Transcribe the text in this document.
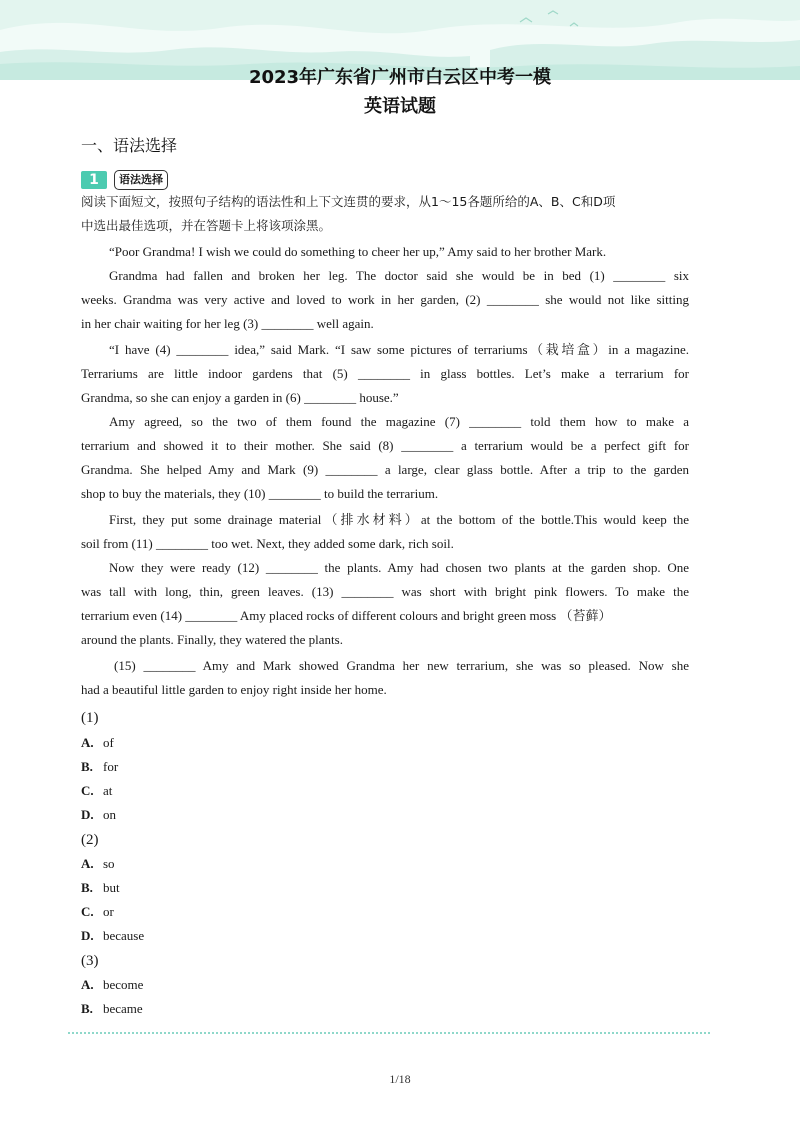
2023年广东省广州市白云区中考一模
英语试题
一、语法选择
1	语法选择
阅读下面短文，按照句子结构的语法性和上下文连贯的要求，从1～15各题所给的A、B、C和D项
中选出最佳选项，并在答题卡上将该项涂黑。
“Poor Grandma! I wish we could do something to cheer her up,” Amy said to her brother Mark.
Grandma had fallen and broken her leg. The doctor said she would be in bed (1) ________ six
weeks. Grandma was very active and loved to work in her garden, (2) ________ she would not like sitting
in her chair waiting for her leg (3) ________ well again.
“I have (4) ________ idea,” said Mark. “I saw some pictures of terrariums（栽培盒）in a magazine.
Terrariums are little indoor gardens that (5) ________ in glass bottles. Let’s make a terrarium for
Grandma, so she can enjoy a garden in (6) ________ house.”
Amy agreed, so the two of them found the magazine (7) ________ told them how to make a
terrarium and showed it to their mother. She said (8) ________ a terrarium would be a perfect gift for
Grandma. She helped Amy and Mark (9) ________ a large, clear glass bottle. After a trip to the garden
shop to buy the materials, they (10) ________ to build the terrarium.
First, they put some drainage material（排水材料）at the bottom of the bottle.This would keep the
soil from (11) ________ too wet. Next, they added some dark, rich soil.
Now they were ready (12) ________ the plants. Amy had chosen two plants at the garden shop. One
was tall with long, thin, green leaves. (13) ________ was short with bright pink flowers. To make the
terrarium even (14) ________ Amy placed rocks of different colours and bright green moss （苔藓）
around the plants. Finally, they watered the plants.
(15) ________ Amy and Mark showed Grandma her new terrarium, she was so pleased. Now she
had a beautiful little garden to enjoy right inside her home.
(1)
A. of
B. for
C. at
D. on
(2)
A. so
B. but
C. or
D. because
(3)
A. become
B. became
1/18
